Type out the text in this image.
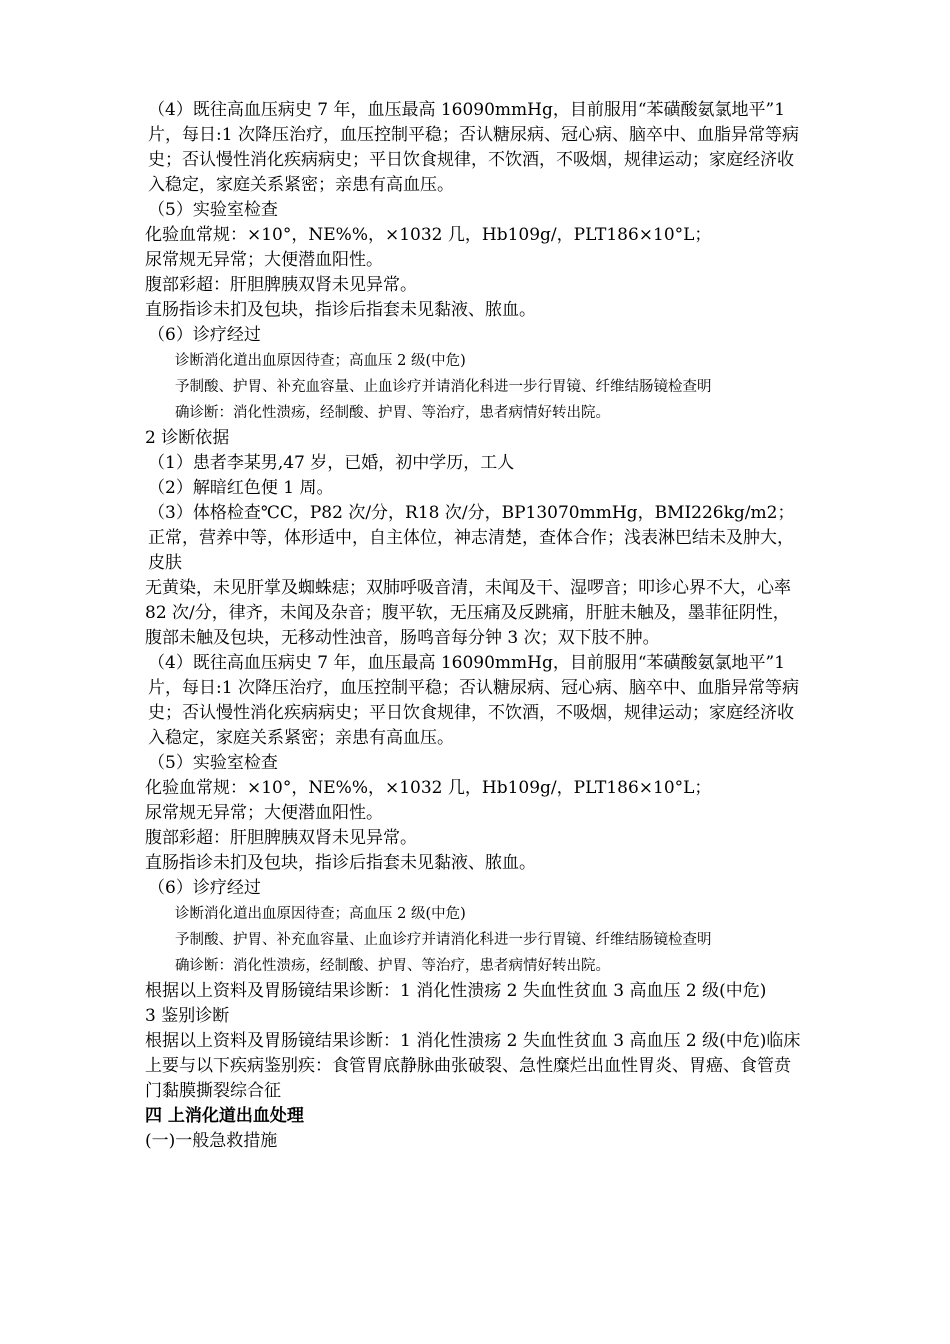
（4）既往高血压病史 7 年，血压最高 16090mmHg，目前服用“苯磺酸氨氯地平”1 片，每日:1 次降压治疗，血压控制平稳；否认糖尿病、冠心病、脑卒中、血脂异常等病史；否认慢性消化疾病病史；平日饮食规律，不饮酒，不吸烟，规律运动；家庭经济收入稳定，家庭关系紧密；亲患有高血压。

（5）实验室检查

化验血常规：×10°，NE%%，×1032 几，Hb109g/，PLT186×10°L；

尿常规无异常；大便潜血阳性。

腹部彩超：肝胆脾胰双肾未见异常。

直肠指诊未扪及包块，指诊后指套未见黏液、脓血。

（6）诊疗经过

诊断消化道出血原因待查；高血压 2 级(中危)

予制酸、护胃、补充血容量、止血诊疗并请消化科进一步行胃镜、纤维结肠镜检查明

确诊断：消化性溃疡，经制酸、护胃、等治疗，患者病情好转出院。

2 诊断依据

（1）患者李某男,47 岁，已婚，初中学历，工人

（2）解暗红色便 1 周。

（3）体格检查℃C，P82 次/分，R18 次/分，BP13070mmHg，BMI226kg/m2；正常，营养中等，体形适中，自主体位，神志清楚，查体合作；浅表淋巴结未及肿大，皮肤

无黄染，未见肝掌及蜘蛛痣；双肺呼吸音清，未闻及干、湿啰音；叩诊心界不大，心率 82 次/分，律齐，未闻及杂音；腹平软，无压痛及反跳痛，肝脏未触及，墨菲征阴性，腹部未触及包块，无移动性浊音，肠鸣音每分钟 3 次；双下肢不肿。

（4）既往高血压病史 7 年，血压最高 16090mmHg，目前服用“苯磺酸氨氯地平”1 片，每日:1 次降压治疗，血压控制平稳；否认糖尿病、冠心病、脑卒中、血脂异常等病史；否认慢性消化疾病病史；平日饮食规律，不饮酒，不吸烟，规律运动；家庭经济收入稳定，家庭关系紧密；亲患有高血压。

（5）实验室检查

化验血常规：×10°，NE%%，×1032 几，Hb109g/，PLT186×10°L；

尿常规无异常；大便潜血阳性。

腹部彩超：肝胆脾胰双肾未见异常。

直肠指诊未扪及包块，指诊后指套未见黏液、脓血。

（6）诊疗经过

诊断消化道出血原因待查；高血压 2 级(中危)

予制酸、护胃、补充血容量、止血诊疗并请消化科进一步行胃镜、纤维结肠镜检查明

确诊断：消化性溃疡，经制酸、护胃、等治疗，患者病情好转出院。

根据以上资料及胃肠镜结果诊断：1 消化性溃疡 2 失血性贫血 3 高血压 2 级(中危)

3 鉴别诊断

根据以上资料及胃肠镜结果诊断：1 消化性溃疡 2 失血性贫血 3 高血压 2 级(中危)临床上要与以下疾病鉴别疾：食管胃底静脉曲张破裂、急性糜烂出血性胃炎、胃癌、食管贲门黏膜撕裂综合征

四 上消化道出血处理

(一)一般急救措施
